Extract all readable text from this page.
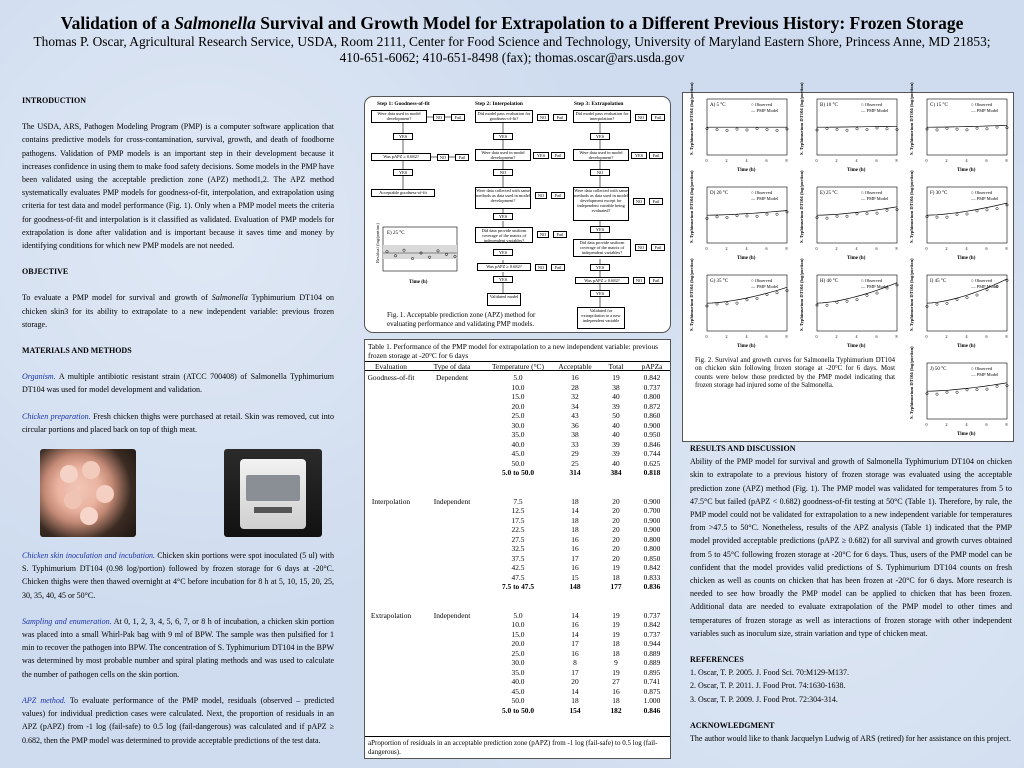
Validation of a Salmonella Survival and Growth Model for Extrapolation to a Different Previous History: Frozen Storage
Thomas P. Oscar, Agricultural Research Service, USDA, Room 2111, Center for Food Science and Technology, University of Maryland Eastern Shore, Princess Anne, MD 21853;
410-651-6062; 410-651-8498 (fax); thomas.oscar@ars.usda.gov
INTRODUCTION

The USDA, ARS, Pathogen Modeling Program (PMP) is a computer software application that contains predictive models for cross-contamination, survival, growth, and death of foodborne pathogens. Validation of PMP models is an important step in their development because it increases confidence in using them to make food safety decisions. Some models in the PMP have been validated using the acceptable prediction zone (APZ) method1,2. The APZ method systematically evaluates PMP models for goodness-of-fit, interpolation, and extrapolation using criteria for test data and model performance (Fig. 1). Only when a PMP model meets the criteria for goodness-of-fit and interpolation is it classified as validated. Evaluation of PMP models for extrapolation is done after validation and is important because it saves time and money by identifying conditions for which new PMP models are not needed.

OBJECTIVE

To evaluate a PMP model for survival and growth of Salmonella Typhimurium DT104 on chicken skin3 for its ability to extrapolate to a new independent variable: previous frozen storage.

MATERIALS AND METHODS

Organism. A multiple antibiotic resistant strain (ATCC 700408) of Salmonella Typhimurium DT104 was used for model development and validation.

Chicken preparation. Fresh chicken thighs were purchased at retail. Skin was removed, cut into circular portions and placed back on top of thigh meat.

Chicken skin inoculation and incubation. Chicken skin portions were spot inoculated (5 ul) with S. Typhimurium DT104 (0.98 log/portion) followed by frozen storage for 6 days at -20°C. Chicken thighs were then thawed overnight at 4°C before incubation for 8 h at 5, 10, 15, 20, 25, 30, 35, 40, 45 or 50°C.

Sampling and enumeration. At 0, 1, 2, 3, 4, 5, 6, 7, or 8 h of incubation, a chicken skin portion was placed into a small Whirl-Pak bag with 9 ml of BPW. The sample was then pulsified for 1 min to recover the pathogen into BPW. The concentration of S. Typhimurium DT104 in the BPW was determined by most probable number and spiral plating methods and was used to calculate the number of pathogen cells on the skin portion.

APZ method. To evaluate performance of the PMP model, residuals (observed – predicted values) for individual prediction cases were calculated. Next, the proportion of residuals in an APZ (pAPZ) from -1 log (fail-safe) to 0.5 log (fail-dangerous) was calculated and if pAPZ ≥ 0.682, then the PMP model was determined to provide acceptable predictions of the test data.

Step 1: Goodness-of-fit	Step 2: Interpolation	Step 3: Extrapolation
Were data used in model development?	NO	Fail
YES
Was pAPZ ≥ 0.682?	NO	Fail
YES
Acceptable goodness-of-fit
Did model pass evaluation for goodness-of-fit?	NO	Fail
YES
Were data used in model development?	YES	Fail
NO
Were data collected with same methods as data used in model development?
NO	Fail
YES
Did data provide uniform coverage of the matrix of independent variables?
NO	Fail
YES
Was pAPZ ≥ 0.682?	NO	Fail
YES
Validated model
Did model pass evaluation for interpolation?	NO	Fail
YES
Were data used in model development?	YES	Fail
NO
Were data collected with same methods as data used in model development except for independent variable being evaluated?
NO	Fail
YES
Did data provide uniform coverage of the matrix of independent variables?
NO	Fail
YES
Was pAPZ ≥ 0.682?	NO	Fail
YES
Validated for extrapolation to a new independent variable
Residual (log/portion)
Time (h)
E) 25 °C
Fig. 1. Acceptable prediction zone (APZ) method for evaluating performance and validating PMP models.
Table 1. Performance of the PMP model for extrapolation to a new independent variable: previous frozen storage at -20°C for 6 days
Evaluation	Type of data	Temperature (°C)	Acceptable	Total	pAPZa
Goodness-of-fit	Dependent	5.0	16	19	0.842
10.0	28	38	0.737
15.0	32	40	0.800
20.0	34	39	0.872
25.0	43	50	0.860
30.0	36	40	0.900
35.0	38	40	0.950
40.0	33	39	0.846
45.0	29	39	0.744
50.0	25	40	0.625
5.0 to 50.0	314	384	0.818
Interpolation	Independent	7.5	18	20	0.900
12.5	14	20	0.700
17.5	18	20	0.900
22.5	18	20	0.900
27.5	16	20	0.800
32.5	16	20	0.800
37.5	17	20	0.850
42.5	16	19	0.842
47.5	15	18	0.833
7.5 to 47.5	148	177	0.836
Extrapolation	Independent	5.0	14	19	0.737
10.0	16	19	0.842
15.0	14	19	0.737
20.0	17	18	0.944
25.0	16	18	0.889
30.0	8	9	0.889
35.0	17	19	0.895
40.0	20	27	0.741
45.0	14	16	0.875
50.0	18	18	1.000
5.0 to 50.0	154	182	0.846
aProportion of residuals in an acceptable prediction zone (pAPZ) from -1 log (fail-safe) to 0.5 log (fail-dangerous).
A) 5 °C	○ Observed
— PMP Model
Time (h)
S. Typhimurium DT104 (log/portion)
0	2	4	6	8
B) 10 °C	○ Observed
— PMP Model
Time (h)
S. Typhimurium DT104 (log/portion)
0	2	4	6	8
C) 15 °C	○ Observed
— PMP Model
Time (h)
S. Typhimurium DT104 (log/portion)
0	2	4	6	8
D) 20 °C	○ Observed
— PMP Model
Time (h)
S. Typhimurium DT104 (log/portion)
0	2	4	6	8
E) 25 °C	○ Observed
— PMP Model
Time (h)
S. Typhimurium DT104 (log/portion)
0	2	4	6	8
F) 30 °C	○ Observed
— PMP Model
Time (h)
S. Typhimurium DT104 (log/portion)
0	2	4	6	8
G) 35 °C	○ Observed
— PMP Model
Time (h)
S. Typhimurium DT104 (log/portion)
0	2	4	6	8
H) 40 °C	○ Observed
— PMP Model
Time (h)
S. Typhimurium DT104 (log/portion)
0	2	4	6	8
I) 45 °C	○ Observed
— PMP Model
Time (h)
S. Typhimurium DT104 (log/portion)
0	2	4	6	8
J) 50 °C	○ Observed
— PMP Model
Time (h)
S. Typhimurium DT104 (log/portion)
0	2	4	6	8
Fig. 2. Survival and growth curves for Salmonella Typhimurium DT104 on chicken skin following frozen storage at -20°C for 6 days. Most counts were below those predicted by the PMP model indicating that frozen storage had injured some of the Salmonella.
RESULTS AND DISCUSSION

Ability of the PMP model for survival and growth of Salmonella Typhimurium DT104 on chicken skin to extrapolate to a previous history of frozen storage was evaluated using the acceptable prediction zone (APZ) method (Fig. 1). The PMP model was validated for temperatures from 5 to 47.5°C but failed (pAPZ < 0.682) goodness-of-fit testing at 50°C (Table 1). Therefore, by rule, the PMP model could not be validated for extrapolation to a new independent variable for temperatures from >47.5 to 50°C. Nonetheless, results of the APZ analysis (Table 1) indicated that the PMP model provided acceptable predictions (pAPZ ≥ 0.682) for all survival and growth curves obtained from 5 to 45°C following frozen storage at -20°C for 6 days. Thus, users of the PMP model can be confident that the model provides valid predictions of S. Typhimurium DT104 counts on fresh chicken as well as counts on chicken that has been frozen at -20°C for 6 days. More research is needed to see how broadly the PMP model can be applied to chicken that has been frozen. Additional data are needed to evaluate extrapolation of the PMP model to other times and temperatures of frozen storage as well as interactions of frozen storage with other independent variables such as inoculum size, strain variation and type of chicken meat.

REFERENCES
1. Oscar, T. P. 2005. J. Food Sci. 70:M129-M137.
2. Oscar, T. P. 2011. J. Food Prot. 74:1630-1638.
3. Oscar, T. P. 2009. J. Food Prot. 72:304-314.
ACKNOWLEDGMENT
The author would like to thank Jacquelyn Ludwig of ARS (retired) for her assistance on this project.
